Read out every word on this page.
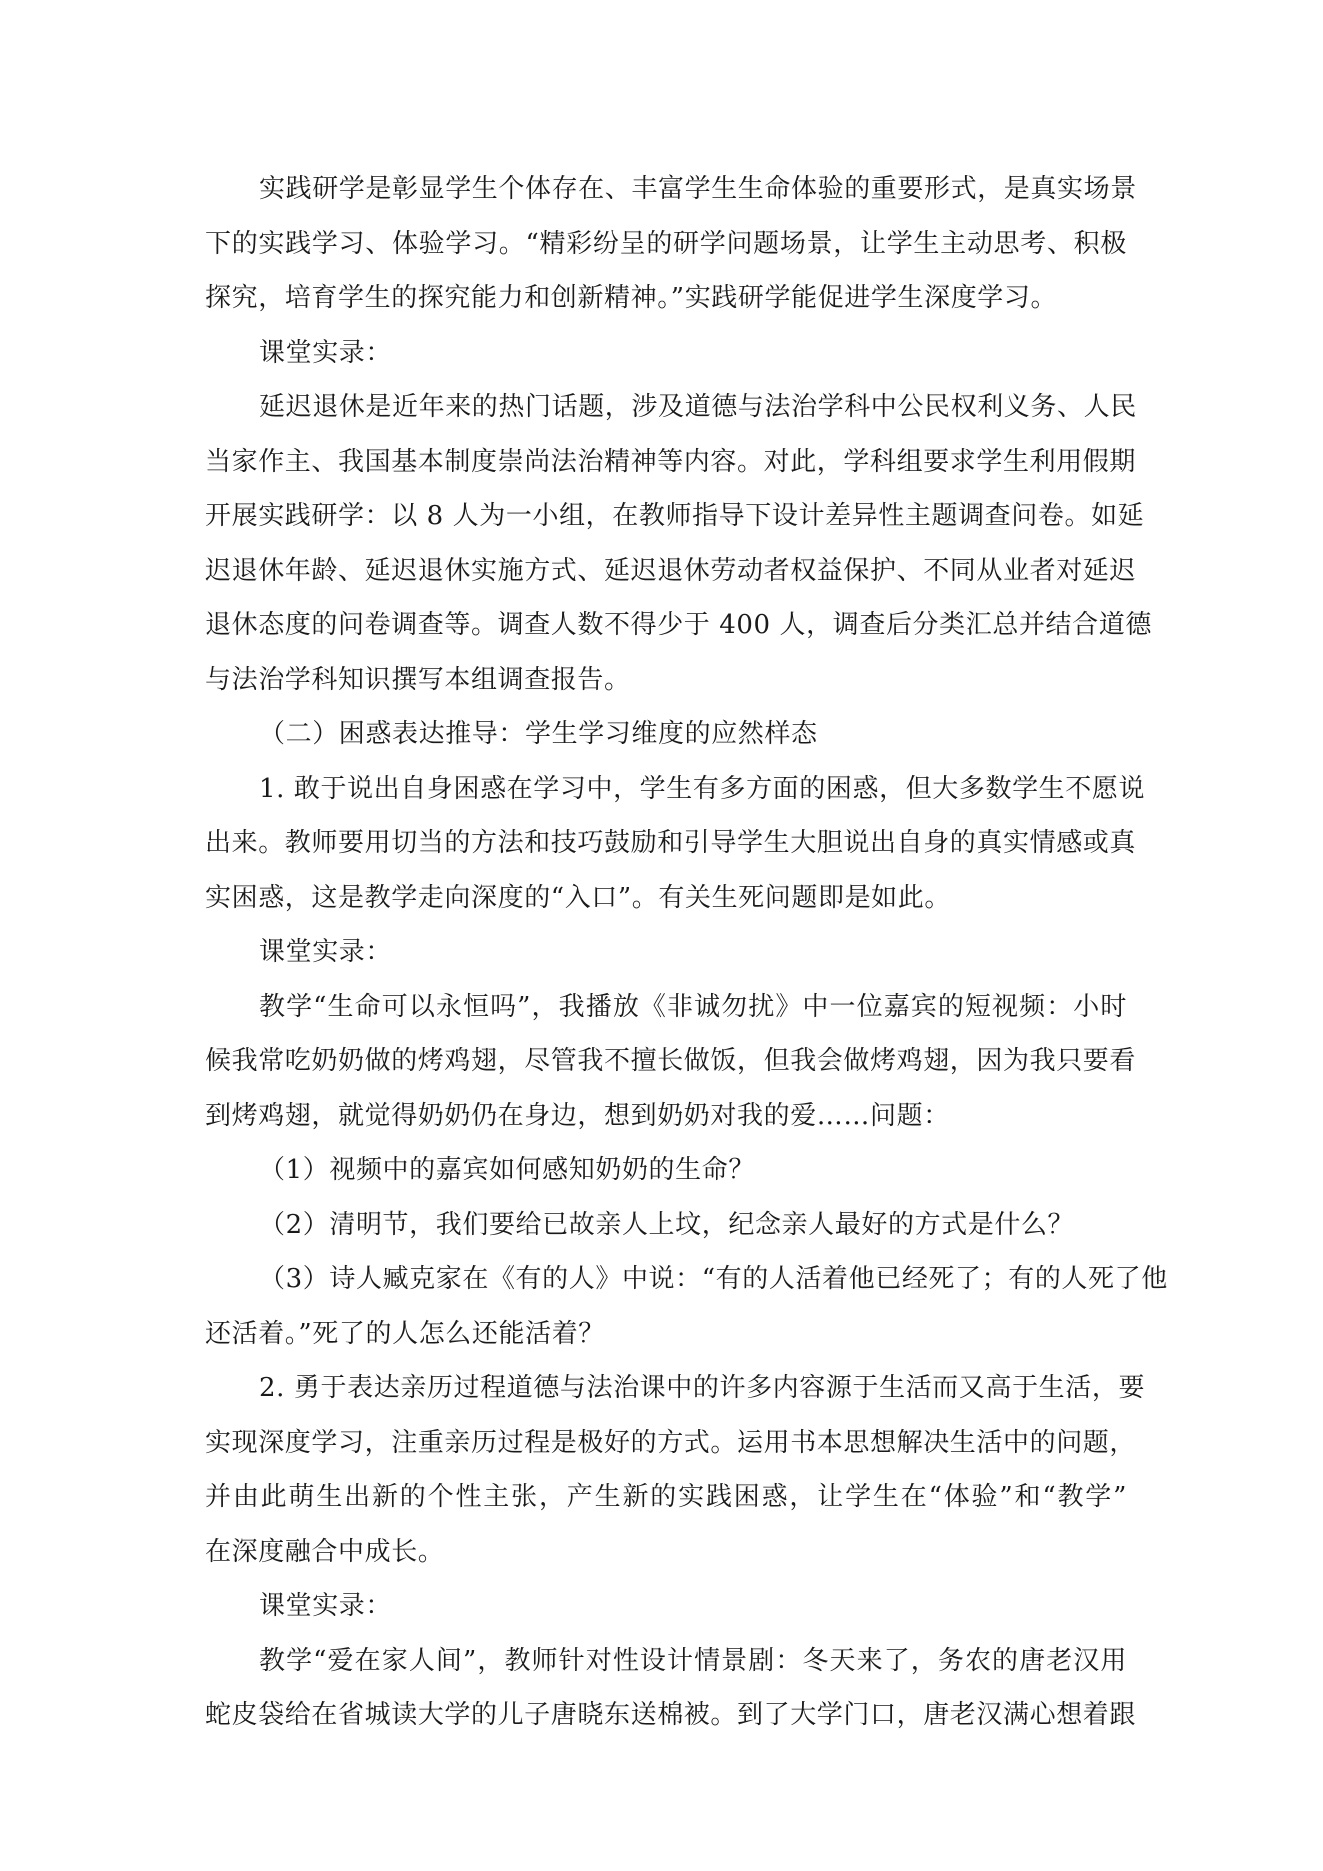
实践研学是彰显学生个体存在、丰富学生生命体验的重要形式，是真实场景
下的实践学习、体验学习。“精彩纷呈的研学问题场景，让学生主动思考、积极
探究，培育学生的探究能力和创新精神。”实践研学能促进学生深度学习。
课堂实录：
延迟退休是近年来的热门话题，涉及道德与法治学科中公民权利义务、人民
当家作主、我国基本制度崇尚法治精神等内容。对此，学科组要求学生利用假期
开展实践研学：以 8 人为一小组，在教师指导下设计差异性主题调查问卷。如延
迟退休年龄、延迟退休实施方式、延迟退休劳动者权益保护、不同从业者对延迟
退休态度的问卷调查等。调查人数不得少于 400 人，调查后分类汇总并结合道德
与法治学科知识撰写本组调查报告。
（二）困惑表达推导：学生学习维度的应然样态
1. 敢于说出自身困惑在学习中，学生有多方面的困惑，但大多数学生不愿说
出来。教师要用切当的方法和技巧鼓励和引导学生大胆说出自身的真实情感或真
实困惑，这是教学走向深度的“入口”。有关生死问题即是如此。
课堂实录：
教学“生命可以永恒吗”，我播放《非诚勿扰》中一位嘉宾的短视频：小时
候我常吃奶奶做的烤鸡翅，尽管我不擅长做饭，但我会做烤鸡翅，因为我只要看
到烤鸡翅，就觉得奶奶仍在身边，想到奶奶对我的爱……问题：
（1）视频中的嘉宾如何感知奶奶的生命？
（2）清明节，我们要给已故亲人上坟，纪念亲人最好的方式是什么？
（3）诗人臧克家在《有的人》中说：“有的人活着他已经死了；有的人死了他
还活着。”死了的人怎么还能活着？
2. 勇于表达亲历过程道德与法治课中的许多内容源于生活而又高于生活，要
实现深度学习，注重亲历过程是极好的方式。运用书本思想解决生活中的问题，
并由此萌生出新的个性主张，产生新的实践困惑，让学生在“体验”和“教学”
在深度融合中成长。
课堂实录：
教学“爱在家人间”，教师针对性设计情景剧：冬天来了，务农的唐老汉用
蛇皮袋给在省城读大学的儿子唐晓东送棉被。到了大学门口，唐老汉满心想着跟
